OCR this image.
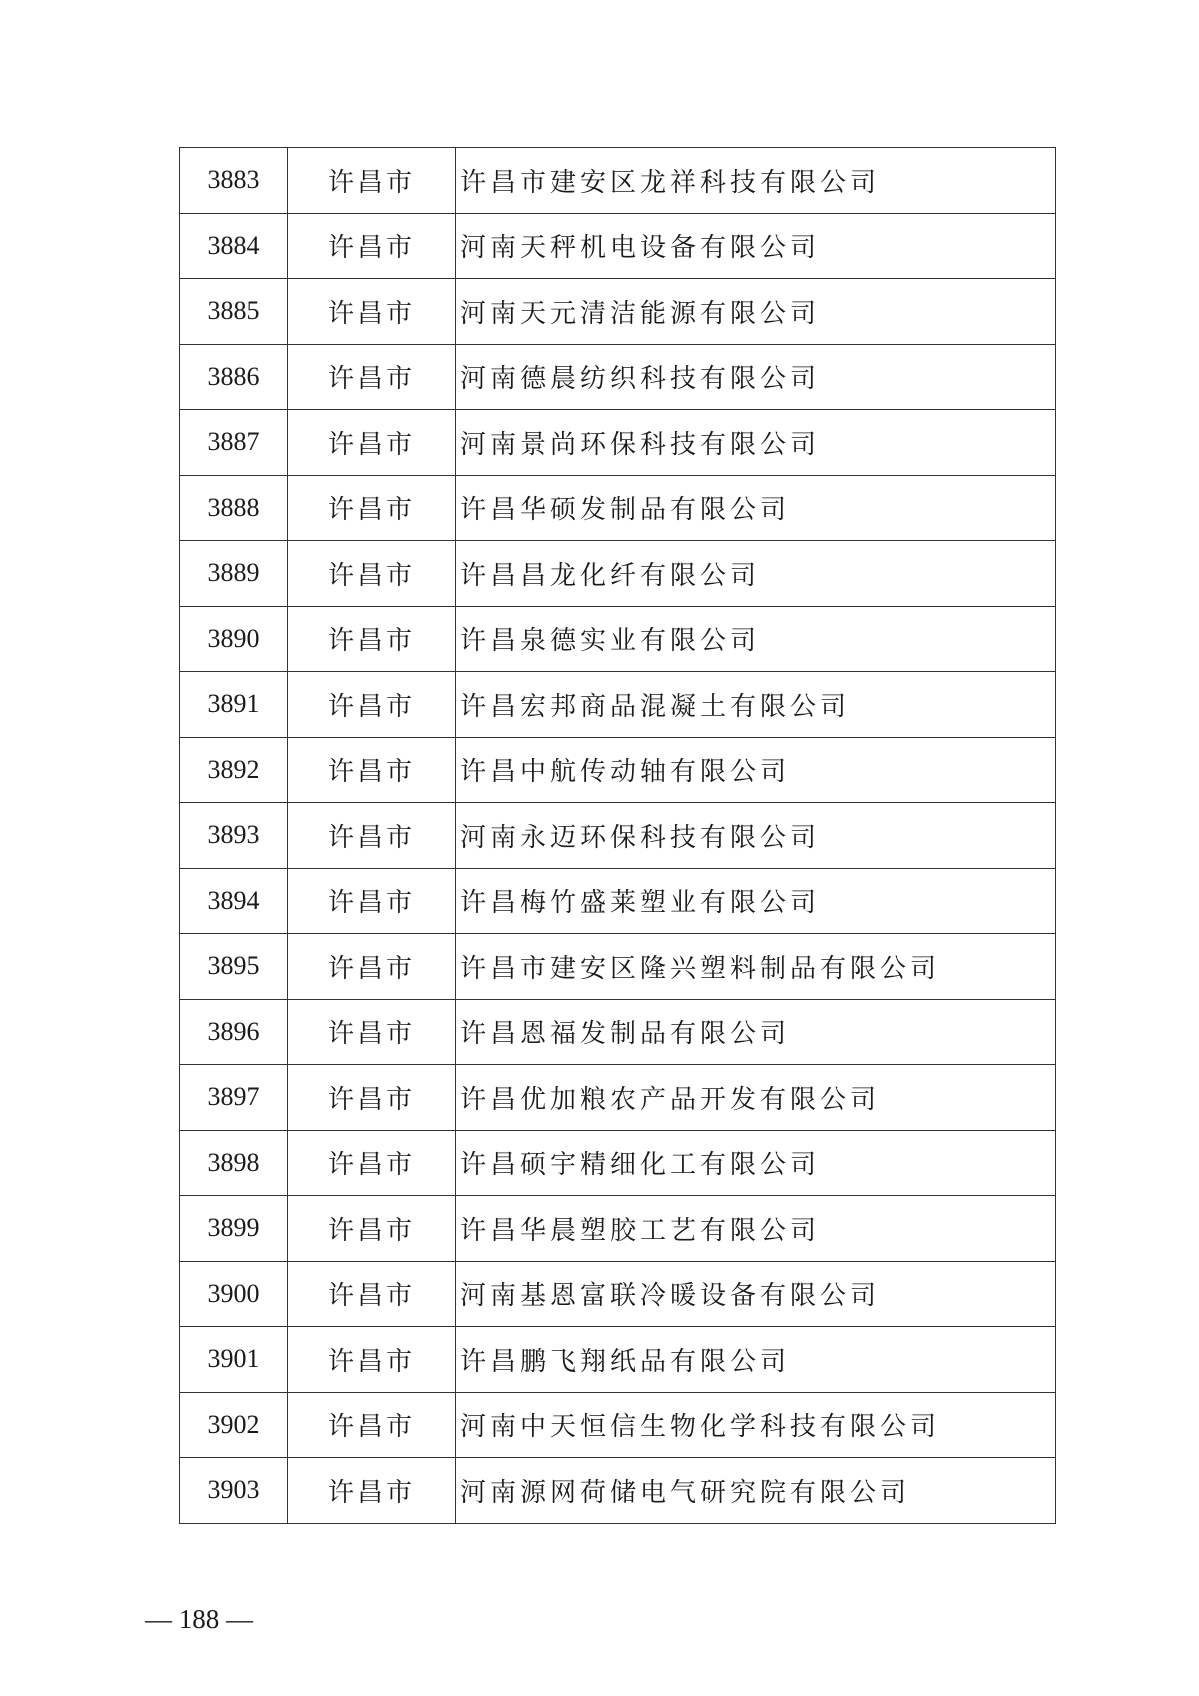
3883	许昌市	许昌市建安区龙祥科技有限公司
3884	许昌市	河南天秤机电设备有限公司
3885	许昌市	河南天元清洁能源有限公司
3886	许昌市	河南德晨纺织科技有限公司
3887	许昌市	河南景尚环保科技有限公司
3888	许昌市	许昌华硕发制品有限公司
3889	许昌市	许昌昌龙化纤有限公司
3890	许昌市	许昌泉德实业有限公司
3891	许昌市	许昌宏邦商品混凝土有限公司
3892	许昌市	许昌中航传动轴有限公司
3893	许昌市	河南永迈环保科技有限公司
3894	许昌市	许昌梅竹盛莱塑业有限公司
3895	许昌市	许昌市建安区隆兴塑料制品有限公司
3896	许昌市	许昌恩福发制品有限公司
3897	许昌市	许昌优加粮农产品开发有限公司
3898	许昌市	许昌硕宇精细化工有限公司
3899	许昌市	许昌华晨塑胶工艺有限公司
3900	许昌市	河南基恩富联冷暖设备有限公司
3901	许昌市	许昌鹏飞翔纸品有限公司
3902	许昌市	河南中天恒信生物化学科技有限公司
3903	许昌市	河南源网荷储电气研究院有限公司
— 188 —
